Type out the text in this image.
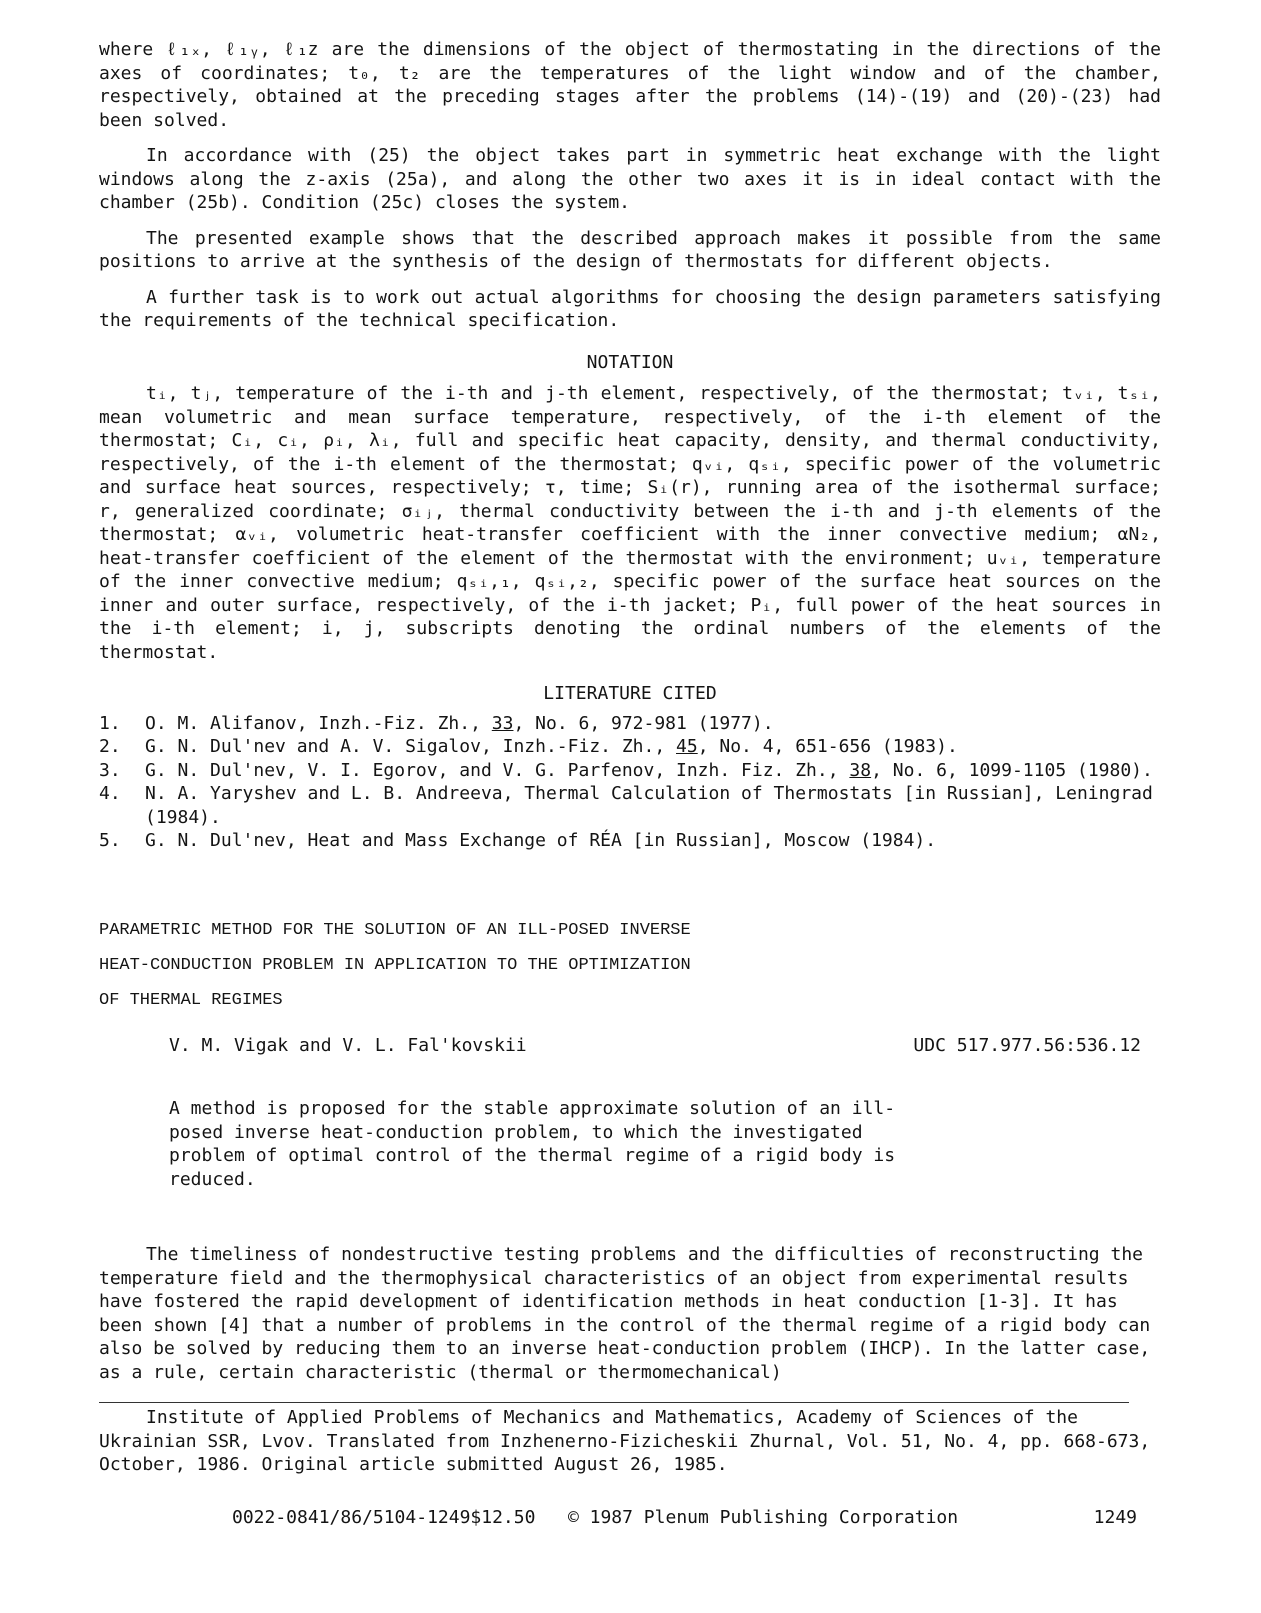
where ℓ₁ₓ, ℓ₁ᵧ, ℓ₁z are the dimensions of the object of thermostating in the directions of the axes of coordinates; t₀, t₂ are the temperatures of the light window and of the chamber, respectively, obtained at the preceding stages after the problems (14)-(19) and (20)-(23) had been solved.

In accordance with (25) the object takes part in symmetric heat exchange with the light windows along the z-axis (25a), and along the other two axes it is in ideal contact with the chamber (25b). Condition (25c) closes the system.

The presented example shows that the described approach makes it possible from the same positions to arrive at the synthesis of the design of thermostats for different objects.

A further task is to work out actual algorithms for choosing the design parameters satisfying the requirements of the technical specification.

NOTATION

tᵢ, tⱼ, temperature of the i-th and j-th element, respectively, of the thermostat; tᵥᵢ, tₛᵢ, mean volumetric and mean surface temperature, respectively, of the i-th element of the thermostat; Cᵢ, cᵢ, ρᵢ, λᵢ, full and specific heat capacity, density, and thermal conductivity, respectively, of the i-th element of the thermostat; qᵥᵢ, qₛᵢ, specific power of the volumetric and surface heat sources, respectively; τ, time; Sᵢ(r), running area of the isothermal surface; r, generalized coordinate; σᵢⱼ, thermal conductivity between the i-th and j-th elements of the thermostat; αᵥᵢ, volumetric heat-transfer coefficient with the inner convective medium; αN₂, heat-transfer coefficient of the element of the thermostat with the environment; uᵥᵢ, temperature of the inner convective medium; qₛᵢ,₁, qₛᵢ,₂, specific power of the surface heat sources on the inner and outer surface, respectively, of the i-th jacket; Pᵢ, full power of the heat sources in the i-th element; i, j, subscripts denoting the ordinal numbers of the elements of the thermostat.

LITERATURE CITED
1. O. M. Alifanov, Inzh.-Fiz. Zh., 33, No. 6, 972-981 (1977).
2. G. N. Dul'nev and A. V. Sigalov, Inzh.-Fiz. Zh., 45, No. 4, 651-656 (1983).
3. G. N. Dul'nev, V. I. Egorov, and V. G. Parfenov, Inzh. Fiz. Zh., 38, No. 6, 1099-1105 (1980).
4. N. A. Yaryshev and L. B. Andreeva, Thermal Calculation of Thermostats [in Russian], Leningrad (1984).
5. G. N. Dul'nev, Heat and Mass Exchange of RÉA [in Russian], Moscow (1984).
PARAMETRIC METHOD FOR THE SOLUTION OF AN ILL-POSED INVERSE
HEAT-CONDUCTION PROBLEM IN APPLICATION TO THE OPTIMIZATION
OF THERMAL REGIMES
V. M. Vigak and V. L. Fal'kovskii	UDC 517.977.56:536.12

A method is proposed for the stable approximate solution of an ill-posed inverse heat-conduction problem, to which the investigated problem of optimal control of the thermal regime of a rigid body is reduced.

The timeliness of nondestructive testing problems and the difficulties of reconstructing the temperature field and the thermophysical characteristics of an object from experimental results have fostered the rapid development of identification methods in heat conduction [1-3]. It has been shown [4] that a number of problems in the control of the thermal regime of a rigid body can also be solved by reducing them to an inverse heat-conduction problem (IHCP). In the latter case, as a rule, certain characteristic (thermal or thermomechanical)

Institute of Applied Problems of Mechanics and Mathematics, Academy of Sciences of the Ukrainian SSR, Lvov. Translated from Inzhenerno-Fizicheskii Zhurnal, Vol. 51, No. 4, pp. 668-673, October, 1986. Original article submitted August 26, 1985.

0022-0841/86/5104-1249$12.50   © 1987 Plenum Publishing Corporation	1249
